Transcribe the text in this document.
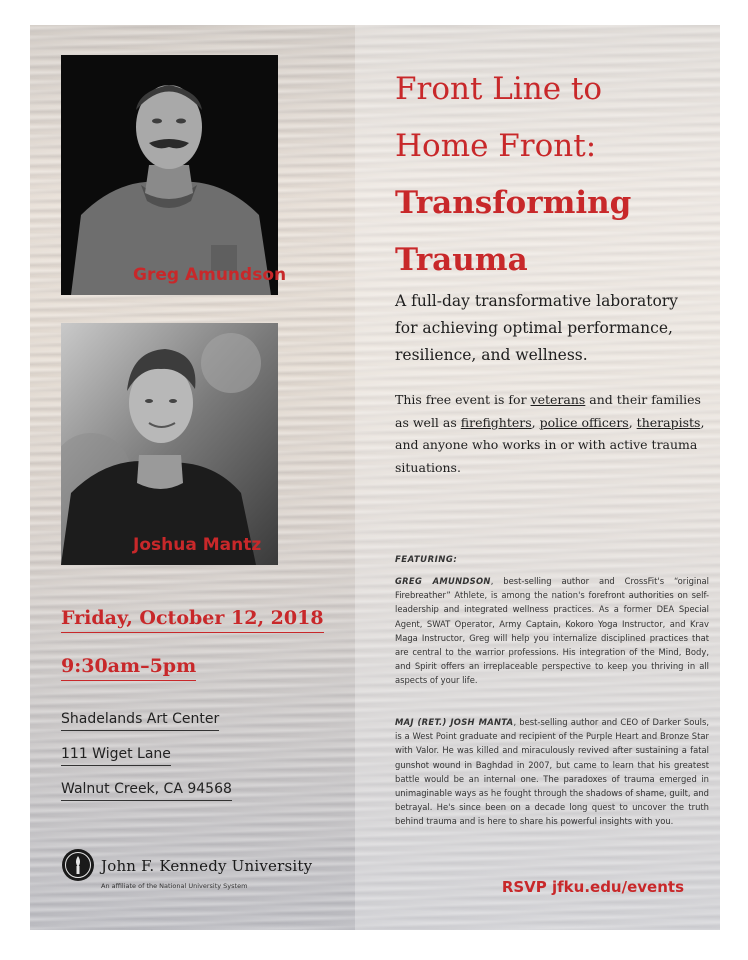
Greg Amundson
Joshua Mantz
Friday, October 12, 2018
9:30am–5pm
Shadelands Art Center
111 Wiget Lane
Walnut Creek, CA 94568
John F. Kennedy University
An affiliate of the National University System
Front Line to
Home Front:
Transforming
Trauma
A full-day transformative laboratory for achieving optimal performance, resilience, and wellness.
This free event is for veterans and their families as well as firefighters, police officers, therapists, and anyone who works in or with active trauma situations.
FEATURING:
GREG AMUNDSON, best-selling author and CrossFit's “original Firebreather” Athlete, is among the nation's forefront authorities on self-leadership and integrated wellness practices. As a former DEA Special Agent, SWAT Operator, Army Captain, Kokoro Yoga Instructor, and Krav Maga Instructor, Greg will help you internalize disciplined practices that are central to the warrior professions. His integration of the Mind, Body, and Spirit offers an irreplaceable perspective to keep you thriving in all aspects of your life.
MAJ (RET.) JOSH MANTA, best-selling author and CEO of Darker Souls, is a West Point graduate and recipient of the Purple Heart and Bronze Star with Valor. He was killed and miraculously revived after sustaining a fatal gunshot wound in Baghdad in 2007, but came to learn that his greatest battle would be an internal one. The paradoxes of trauma emerged in unimaginable ways as he fought through the shadows of shame, guilt, and betrayal. He's since been on a decade long quest to uncover the truth behind trauma and is here to share his powerful insights with you.
RSVP jfku.edu/events
